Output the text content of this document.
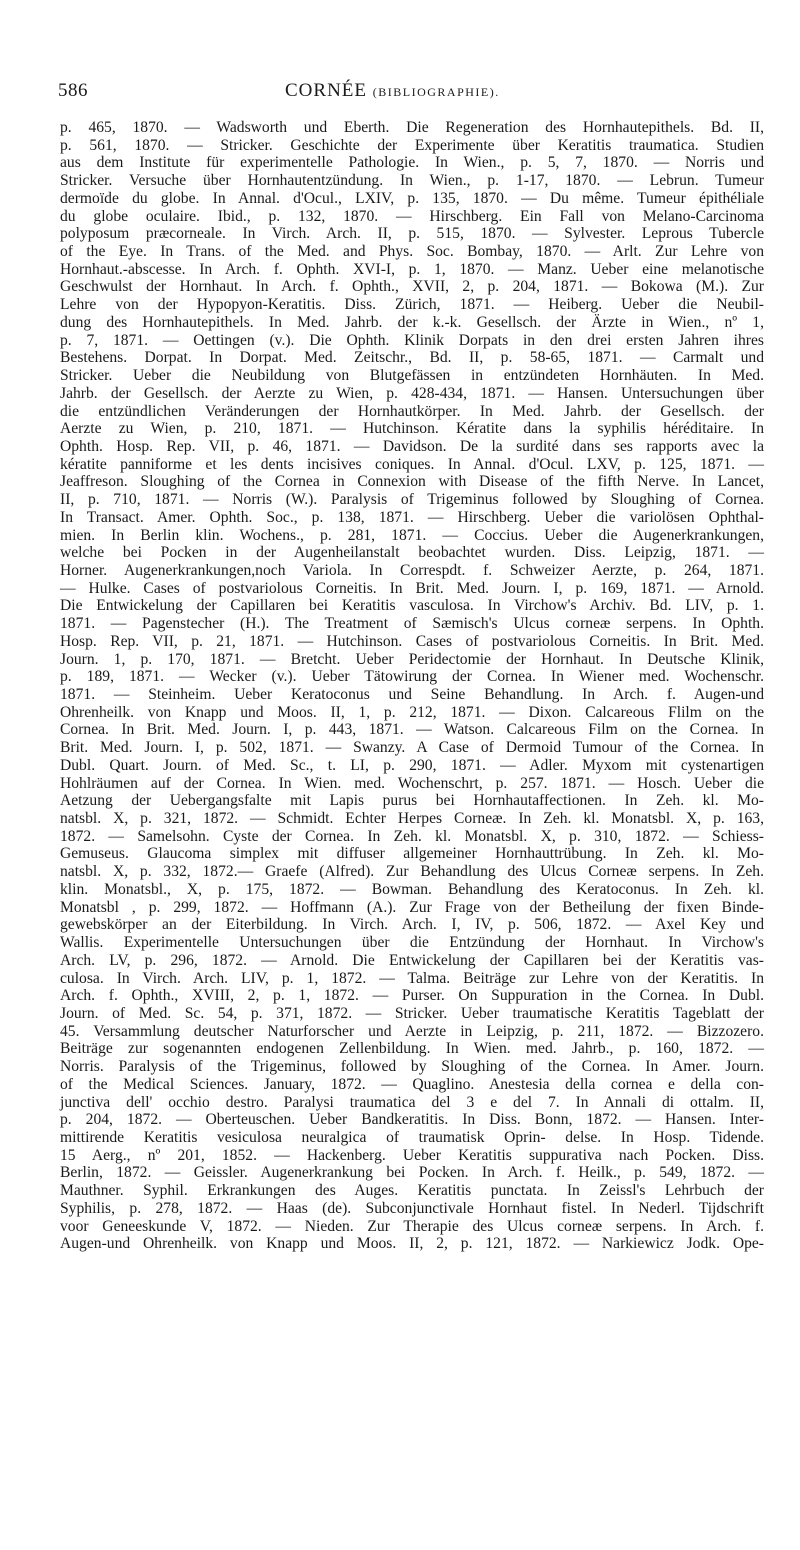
586	CORNÉE (BIBLIOGRAPHIE).
p. 465, 1870. — Wadsworth und Eberth. Die Regeneration des Hornhautepithels. Bd. II,
p. 561, 1870. — Stricker. Geschichte der Experimente über Keratitis traumatica. Studien
aus dem Institute für experimentelle Pathologie. In Wien., p. 5, 7, 1870. — Norris und
Stricker. Versuche über Hornhautentzündung. In Wien., p. 1-17, 1870. — Lebrun. Tumeur
dermoïde du globe. In Annal. d'Ocul., LXIV, p. 135, 1870. — Du même. Tumeur épithéliale
du globe oculaire. Ibid., p. 132, 1870. — Hirschberg. Ein Fall von Melano-Carcinoma
polyposum præcorneale. In Virch. Arch. II, p. 515, 1870. — Sylvester. Leprous Tubercle
of the Eye. In Trans. of the Med. and Phys. Soc. Bombay, 1870. — Arlt. Zur Lehre von
Hornhaut.-abscesse. In Arch. f. Ophth. XVI-I, p. 1, 1870. — Manz. Ueber eine melanotische
Geschwulst der Hornhaut. In Arch. f. Ophth., XVII, 2, p. 204, 1871. — Bokowa (M.). Zur
Lehre von der Hypopyon-Keratitis. Diss. Zürich, 1871. — Heiberg. Ueber die Neubil-
dung des Hornhautepithels. In Med. Jahrb. der k.-k. Gesellsch. der Ärzte in Wien., nº 1,
p. 7, 1871. — Oettingen (v.). Die Ophth. Klinik Dorpats in den drei ersten Jahren ihres
Bestehens. Dorpat. In Dorpat. Med. Zeitschr., Bd. II, p. 58-65, 1871. — Carmalt und
Stricker. Ueber die Neubildung von Blutgefässen in entzündeten Hornhäuten. In Med.
Jahrb. der Gesellsch. der Aerzte zu Wien, p. 428-434, 1871. — Hansen. Untersuchungen über
die entzündlichen Veränderungen der Hornhautkörper. In Med. Jahrb. der Gesellsch. der
Aerzte zu Wien, p. 210, 1871. — Hutchinson. Kératite dans la syphilis héréditaire. In
Ophth. Hosp. Rep. VII, p. 46, 1871. — Davidson. De la surdité dans ses rapports avec la
kératite panniforme et les dents incisives coniques. In Annal. d'Ocul. LXV, p. 125, 1871. —
Jeaffreson. Sloughing of the Cornea in Connexion with Disease of the fifth Nerve. In Lancet,
II, p. 710, 1871. — Norris (W.). Paralysis of Trigeminus followed by Sloughing of Cornea.
In Transact. Amer. Ophth. Soc., p. 138, 1871. — Hirschberg. Ueber die variolösen Ophthal-
mien. In Berlin klin. Wochens., p. 281, 1871. — Coccius. Ueber die Augenerkrankungen,
welche bei Pocken in der Augenheilanstalt beobachtet wurden. Diss. Leipzig, 1871. —
Horner. Augenerkrankungen,noch Variola. In Correspdt. f. Schweizer Aerzte, p. 264, 1871.
— Hulke. Cases of postvariolous Corneitis. In Brit. Med. Journ. I, p. 169, 1871. — Arnold.
Die Entwickelung der Capillaren bei Keratitis vasculosa. In Virchow's Archiv. Bd. LIV, p. 1.
1871. — Pagenstecher (H.). The Treatment of Sæmisch's Ulcus corneæ serpens. In Ophth.
Hosp. Rep. VII, p. 21, 1871. — Hutchinson. Cases of postvariolous Corneitis. In Brit. Med.
Journ. 1, p. 170, 1871. — Bretcht. Ueber Peridectomie der Hornhaut. In Deutsche Klinik,
p. 189, 1871. — Wecker (v.). Ueber Tätowirung der Cornea. In Wiener med. Wochenschr.
1871. — Steinheim. Ueber Keratoconus und Seine Behandlung. In Arch. f. Augen-und
Ohrenheilk. von Knapp und Moos. II, 1, p. 212, 1871. — Dixon. Calcareous Flilm on the
Cornea. In Brit. Med. Journ. I, p. 443, 1871. — Watson. Calcareous Film on the Cornea. In
Brit. Med. Journ. I, p. 502, 1871. — Swanzy. A Case of Dermoid Tumour of the Cornea. In
Dubl. Quart. Journ. of Med. Sc., t. LI, p. 290, 1871. — Adler. Myxom mit cystenartigen
Hohlräumen auf der Cornea. In Wien. med. Wochenschrt, p. 257. 1871. — Hosch. Ueber die
Aetzung der Uebergangsfalte mit Lapis purus bei Hornhautaffectionen. In Zeh. kl. Mo-
natsbl. X, p. 321, 1872. — Schmidt. Echter Herpes Corneæ. In Zeh. kl. Monatsbl. X, p. 163,
1872. — Samelsohn. Cyste der Cornea. In Zeh. kl. Monatsbl. X, p. 310, 1872. — Schiess-
Gemuseus. Glaucoma simplex mit diffuser allgemeiner Hornhauttrübung. In Zeh. kl. Mo-
natsbl. X, p. 332, 1872.— Graefe (Alfred). Zur Behandlung des Ulcus Corneæ serpens. In Zeh.
klin. Monatsbl., X, p. 175, 1872. — Bowman. Behandlung des Keratoconus. In Zeh. kl.
Monatsbl , p. 299, 1872. — Hoffmann (A.). Zur Frage von der Betheilung der fixen Binde-
gewebskörper an der Eiterbildung. In Virch. Arch. I, IV, p. 506, 1872. — Axel Key und
Wallis. Experimentelle Untersuchungen über die Entzündung der Hornhaut. In Virchow's
Arch. LV, p. 296, 1872. — Arnold. Die Entwickelung der Capillaren bei der Keratitis vas-
culosa. In Virch. Arch. LIV, p. 1, 1872. — Talma. Beiträge zur Lehre von der Keratitis. In
Arch. f. Ophth., XVIII, 2, p. 1, 1872. — Purser. On Suppuration in the Cornea. In Dubl.
Journ. of Med. Sc. 54, p. 371, 1872. — Stricker. Ueber traumatische Keratitis Tageblatt der
45. Versammlung deutscher Naturforscher und Aerzte in Leipzig, p. 211, 1872. — Bizzozero.
Beiträge zur sogenannten endogenen Zellenbildung. In Wien. med. Jahrb., p. 160, 1872. —
Norris. Paralysis of the Trigeminus, followed by Sloughing of the Cornea. In Amer. Journ.
of the Medical Sciences. January, 1872. — Quaglino. Anestesia della cornea e della con-
junctiva dell' occhio destro. Paralysi traumatica del 3 e del 7. In Annali di ottalm. II,
p. 204, 1872. — Oberteuschen. Ueber Bandkeratitis. In Diss. Bonn, 1872. — Hansen. Inter-
mittirende Keratitis vesiculosa neuralgica of traumatisk Oprin- delse. In Hosp. Tidende.
15 Aerg., nº 201, 1852. — Hackenberg. Ueber Keratitis suppurativa nach Pocken. Diss.
Berlin, 1872. — Geissler. Augenerkrankung bei Pocken. In Arch. f. Heilk., p. 549, 1872. —
Mauthner. Syphil. Erkrankungen des Auges. Keratitis punctata. In Zeissl's Lehrbuch der
Syphilis, p. 278, 1872. — Haas (de). Subconjunctivale Hornhaut fistel. In Nederl. Tijdschrift
voor Geneeskunde V, 1872. — Nieden. Zur Therapie des Ulcus corneæ serpens. In Arch. f.
Augen-und Ohrenheilk. von Knapp und Moos. II, 2, p. 121, 1872. — Narkiewicz Jodk. Ope-
